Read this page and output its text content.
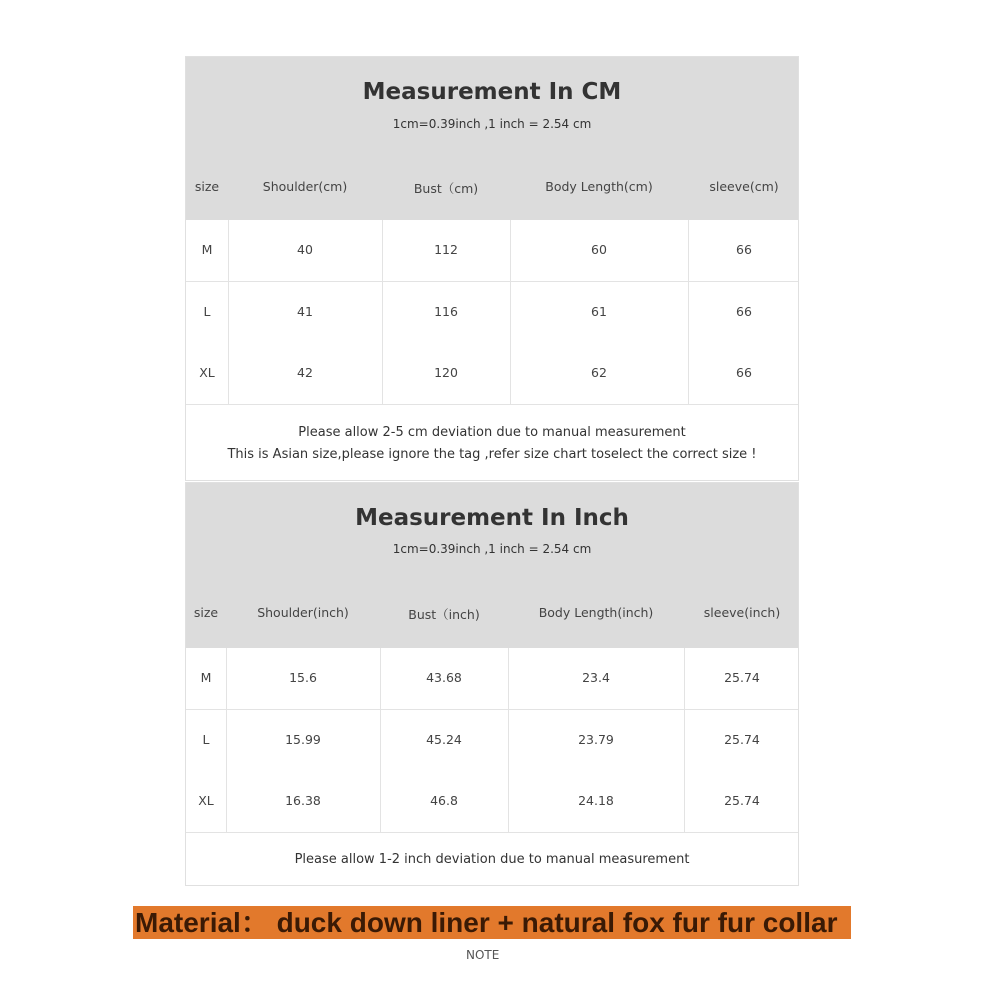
Measurement In CM
1cm=0.39inch ,1 inch = 2.54 cm
size	Shoulder(cm)	Bust（cm)	Body Length(cm)	sleeve(cm)
M	40	112	60	66
L	41	116	61	66
XL	42	120	62	66
Please allow 2-5 cm deviation due to manual measurement
This is Asian size,please ignore the tag ,refer size chart toselect the correct size !
Measurement In Inch
1cm=0.39inch ,1 inch = 2.54 cm
size	Shoulder(inch)	Bust（inch)	Body Length(inch)	sleeve(inch)
M	15.6	43.68	23.4	25.74
L	15.99	45.24	23.79	25.74
XL	16.38	46.8	24.18	25.74
Please allow 1-2 inch deviation due to manual measurement
Material： duck down liner + natural fox fur fur collar
NOTE
